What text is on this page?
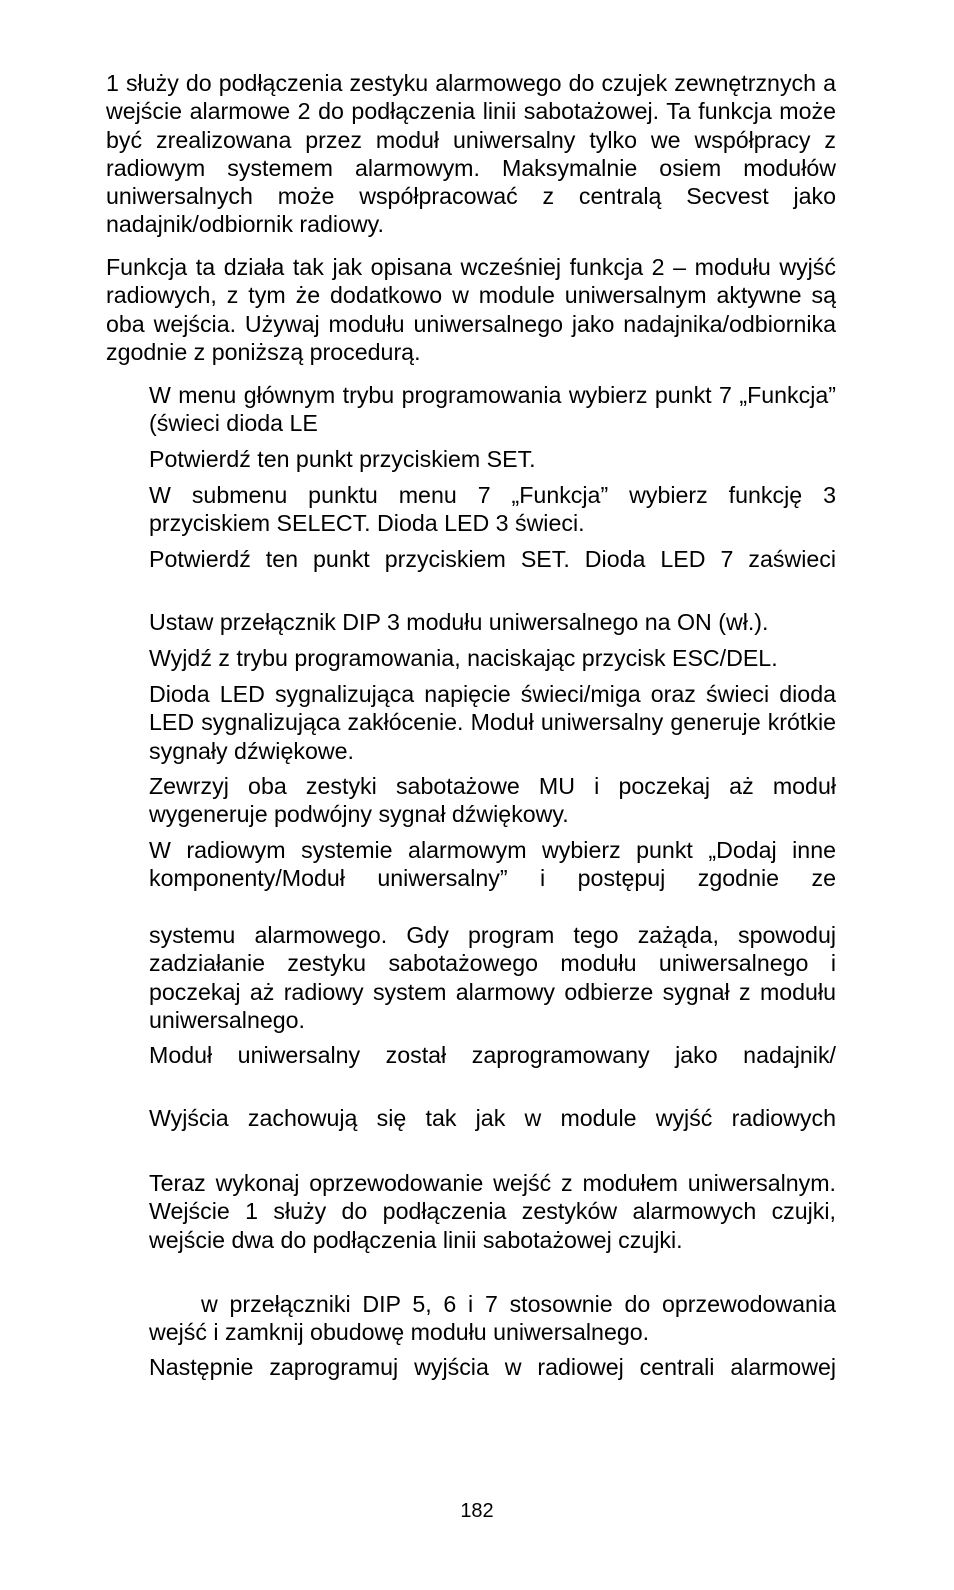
1 służy do podłączenia zestyku alarmowego do czujek zewnętrznych a wejście alarmowe 2 do podłączenia linii sabotażowej. Ta funkcja może być zrealizowana przez moduł uniwersalny tylko we współpracy z radiowym systemem alarmowym. Maksymalnie osiem modułów uniwersalnych może współpracować z centralą Secvest jako nadajnik/odbiornik radiowy.

Funkcja ta działa tak jak opisana wcześniej funkcja 2 – modułu wyjść radiowych, z tym że dodatkowo w module uniwersalnym aktywne są oba wejścia. Używaj modułu uniwersalnego jako nadajnika/odbiornika zgodnie z poniższą procedurą.

W menu głównym trybu programowania wybierz punkt 7 „Funkcja” (świeci dioda LE

Potwierdź ten punkt przyciskiem SET.

W submenu punktu menu 7 „Funkcja” wybierz funkcję 3 przyciskiem SELECT. Dioda LED 3 świeci.

Potwierdź ten punkt przyciskiem SET. Dioda LED 7 zaświeci

Ustaw przełącznik DIP 3 modułu uniwersalnego na ON (wł.).

Wyjdź z trybu programowania, naciskając przycisk ESC/DEL.

Dioda LED sygnalizująca napięcie świeci/miga oraz świeci dioda LED sygnalizująca zakłócenie. Moduł uniwersalny generuje krótkie sygnały dźwiękowe.

Zewrzyj oba zestyki sabotażowe MU i poczekaj aż moduł wygeneruje podwójny sygnał dźwiękowy.

W radiowym systemie alarmowym wybierz punkt „Dodaj inne komponenty/Moduł uniwersalny” i postępuj zgodnie ze

systemu alarmowego. Gdy program tego zażąda, spowoduj zadziałanie zestyku sabotażowego modułu uniwersalnego i poczekaj aż radiowy system alarmowy odbierze sygnał z modułu uniwersalnego.

Moduł uniwersalny został zaprogramowany jako nadajnik/

Wyjścia zachowują się tak jak w module wyjść radiowych

Teraz wykonaj oprzewodowanie wejść z modułem uniwersalnym. Wejście 1 służy do podłączenia zestyków alarmowych czujki, wejście dwa do podłączenia linii sabotażowej czujki.

w przełączniki DIP 5, 6 i 7 stosownie do oprzewodowania wejść i zamknij obudowę modułu uniwersalnego.

Następnie zaprogramuj wyjścia w radiowej centrali alarmowej

182
